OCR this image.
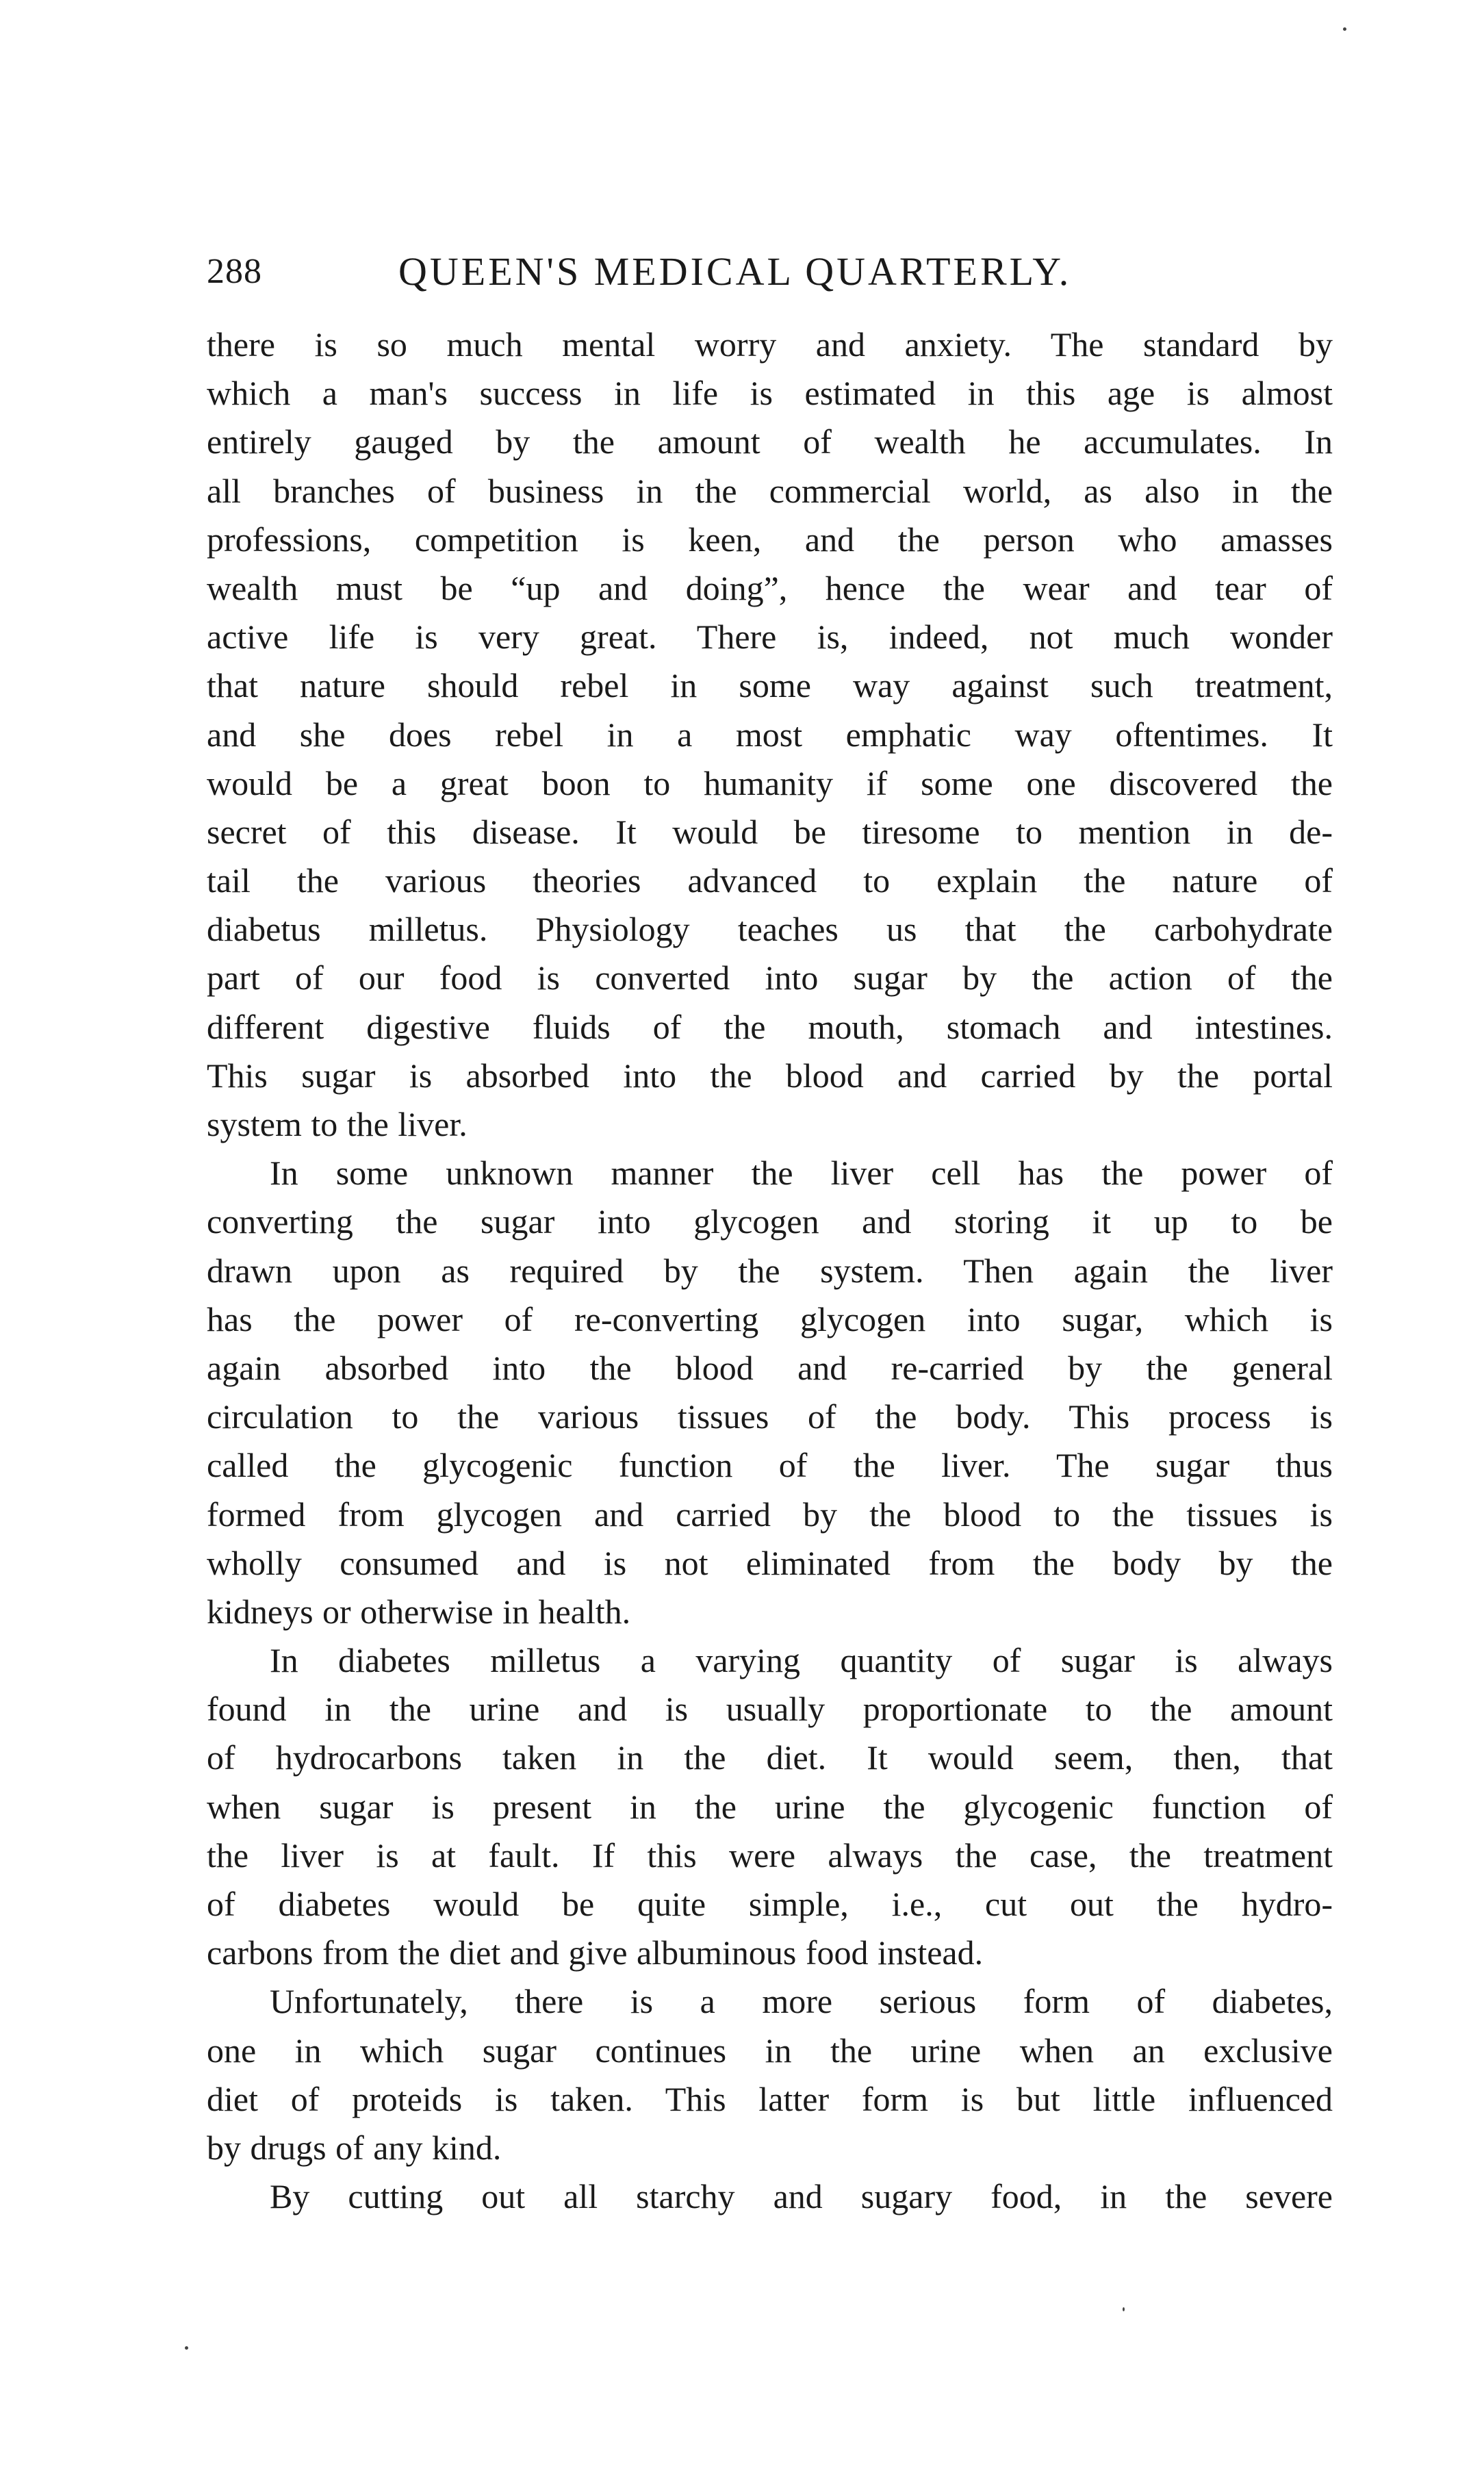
288	QUEEN'S MEDICAL QUARTERLY.
there is so much mental worry and anxiety. The standard by
which a man's success in life is estimated in this age is almost
entirely gauged by the amount of wealth he accumulates. In
all branches of business in the commercial world, as also in the
professions, competition is keen, and the person who amasses
wealth must be “up and doing”, hence the wear and tear of
active life is very great. There is, indeed, not much wonder
that nature should rebel in some way against such treatment,
and she does rebel in a most emphatic way oftentimes. It
would be a great boon to humanity if some one discovered the
secret of this disease. It would be tiresome to mention in de-
tail the various theories advanced to explain the nature of
diabetus milletus. Physiology teaches us that the carbohydrate
part of our food is converted into sugar by the action of the
different digestive fluids of the mouth, stomach and intestines.
This sugar is absorbed into the blood and carried by the portal
system to the liver.
In some unknown manner the liver cell has the power of
converting the sugar into glycogen and storing it up to be
drawn upon as required by the system. Then again the liver
has the power of re-converting glycogen into sugar, which is
again absorbed into the blood and re-carried by the general
circulation to the various tissues of the body. This process is
called the glycogenic function of the liver. The sugar thus
formed from glycogen and carried by the blood to the tissues is
wholly consumed and is not eliminated from the body by the
kidneys or otherwise in health.
In diabetes milletus a varying quantity of sugar is always
found in the urine and is usually proportionate to the amount
of hydrocarbons taken in the diet. It would seem, then, that
when sugar is present in the urine the glycogenic function of
the liver is at fault. If this were always the case, the treatment
of diabetes would be quite simple, i.e., cut out the hydro-
carbons from the diet and give albuminous food instead.
Unfortunately, there is a more serious form of diabetes,
one in which sugar continues in the urine when an exclusive
diet of proteids is taken. This latter form is but little influenced
by drugs of any kind.
By cutting out all starchy and sugary food, in the severe
